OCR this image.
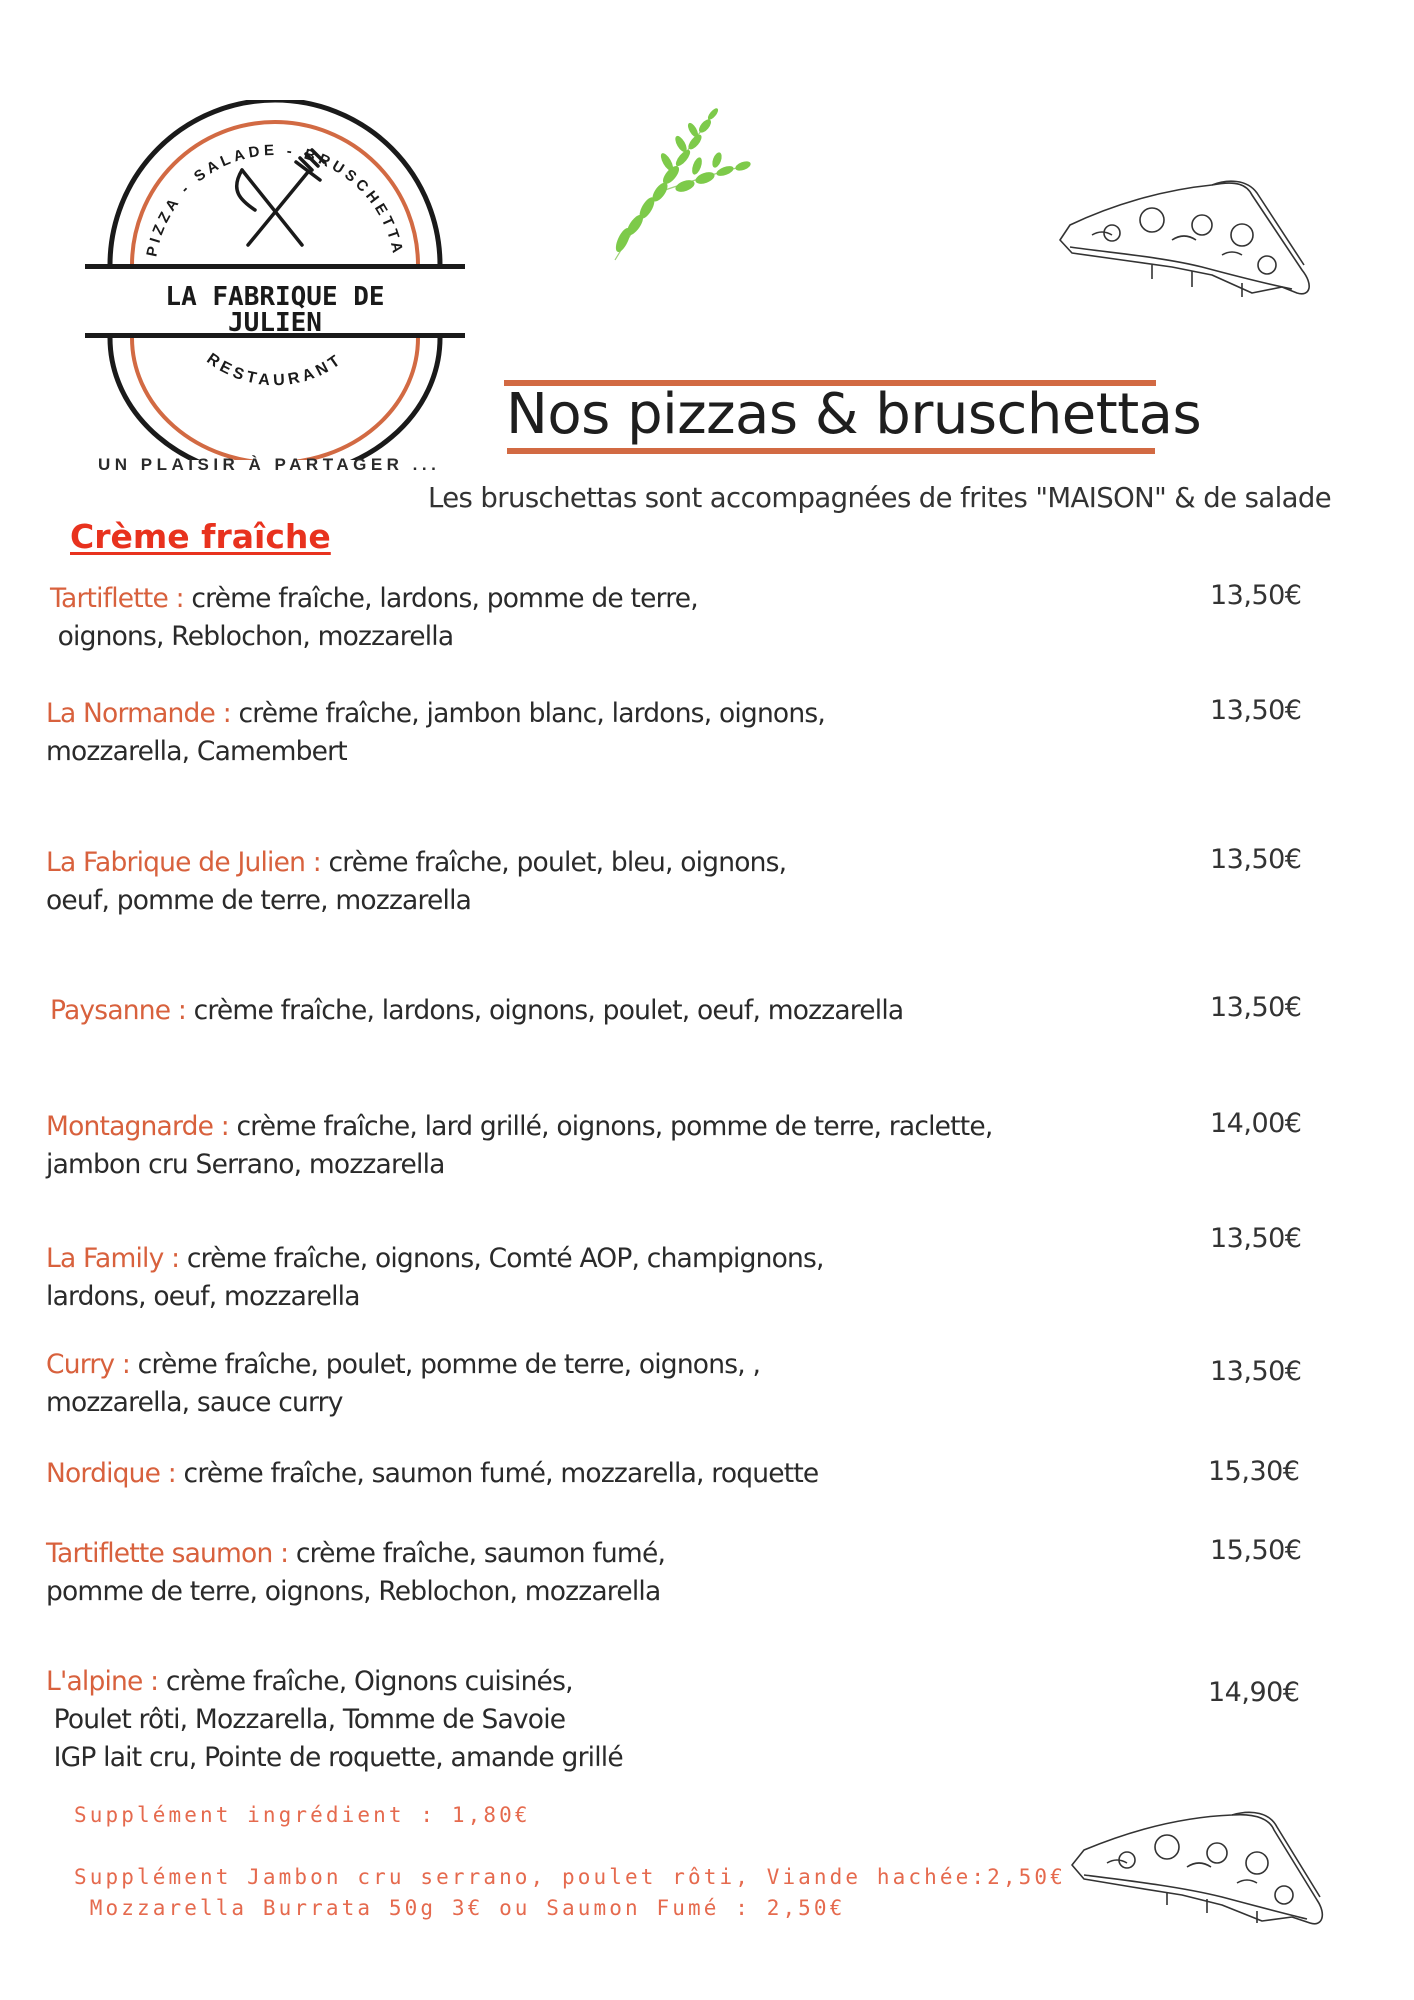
PIZZA - SALADE - BRUSCHETTA
LA FABRIQUE DE
JULIEN
RESTAURANT
UN PLAISIR À PARTAGER ...
Nos pizzas & bruschettas
Les bruschettas sont accompagnées de frites "MAISON" & de salade
Crème fraîche
Tartiflette : crème fraîche, lardons, pomme de terre,
oignons, Reblochon, mozzarella
13,50€
La Normande : crème fraîche, jambon blanc, lardons, oignons,
mozzarella, Camembert
13,50€
La Fabrique de Julien : crème fraîche, poulet, bleu, oignons,
oeuf, pomme de terre, mozzarella
13,50€
Paysanne : crème fraîche, lardons, oignons, poulet, oeuf, mozzarella	13,50€
Montagnarde : crème fraîche, lard grillé, oignons, pomme de terre, raclette,
jambon cru Serrano, mozzarella
14,00€
La Family : crème fraîche, oignons, Comté AOP, champignons,
lardons, oeuf, mozzarella
13,50€
Curry : crème fraîche, poulet, pomme de terre, oignons, ,
mozzarella, sauce curry
13,50€
Nordique : crème fraîche, saumon fumé, mozzarella, roquette	15,30€
Tartiflette saumon : crème fraîche, saumon fumé,
pomme de terre, oignons, Reblochon, mozzarella
15,50€
L'alpine : crème fraîche, Oignons cuisinés,
Poulet rôti, Mozzarella, Tomme de Savoie
IGP lait cru, Pointe de roquette, amande grillé
14,90€
Supplément ingrédient : 1,80€
Supplément Jambon cru serrano, poulet rôti, Viande hachée:2,50€
Mozzarella Burrata 50g 3€ ou Saumon Fumé : 2,50€
